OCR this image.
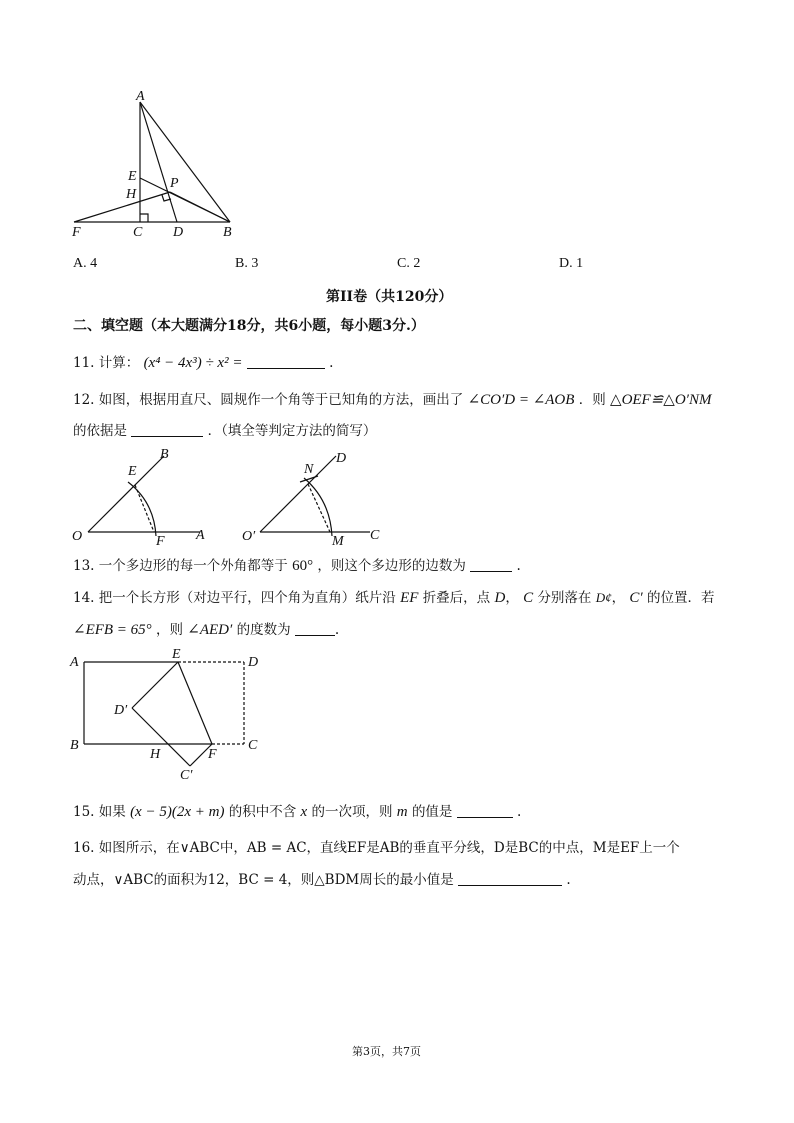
A
E
H
P
F	C D	B
A. 4	B. 3	C. 2	D. 1
第II卷（共120分）
二、填空题（本大题满分18分，共6小题，每小题3分.）
11. 计算： (x⁴ − 4x³) ÷ x² =	.
12. 如图，根据用直尺、圆规作一个角等于已知角的方法，画出了 ∠CO′D = ∠AOB ．则 △OEF≌△O′NM
的依据是	．（填全等判定方法的简写）
O
E
B
F A	O′
N
D
M C
13. 一个多边形的每一个外角都等于 60° ，则这个多边形的边数为	.
14. 把一个长方形（对边平行，四个角为直角）纸片沿 EF 折叠后，点 D， C 分别落在 D¢， C′ 的位置．若
∠EFB = 65° ，则 ∠AED′ 的度数为	.
A
E
D
D′
B
H	F
C
C′
15. 如果 (x − 5)(2x + m) 的积中不含 x 的一次项，则 m 的值是	.
16. 如图所示，在∨ABC中，AB = AC，直线EF是AB的垂直平分线，D是BC的中点，M是EF上一个
动点，∨ABC的面积为12，BC = 4，则△BDM周长的最小值是	.
第3页，共7页
